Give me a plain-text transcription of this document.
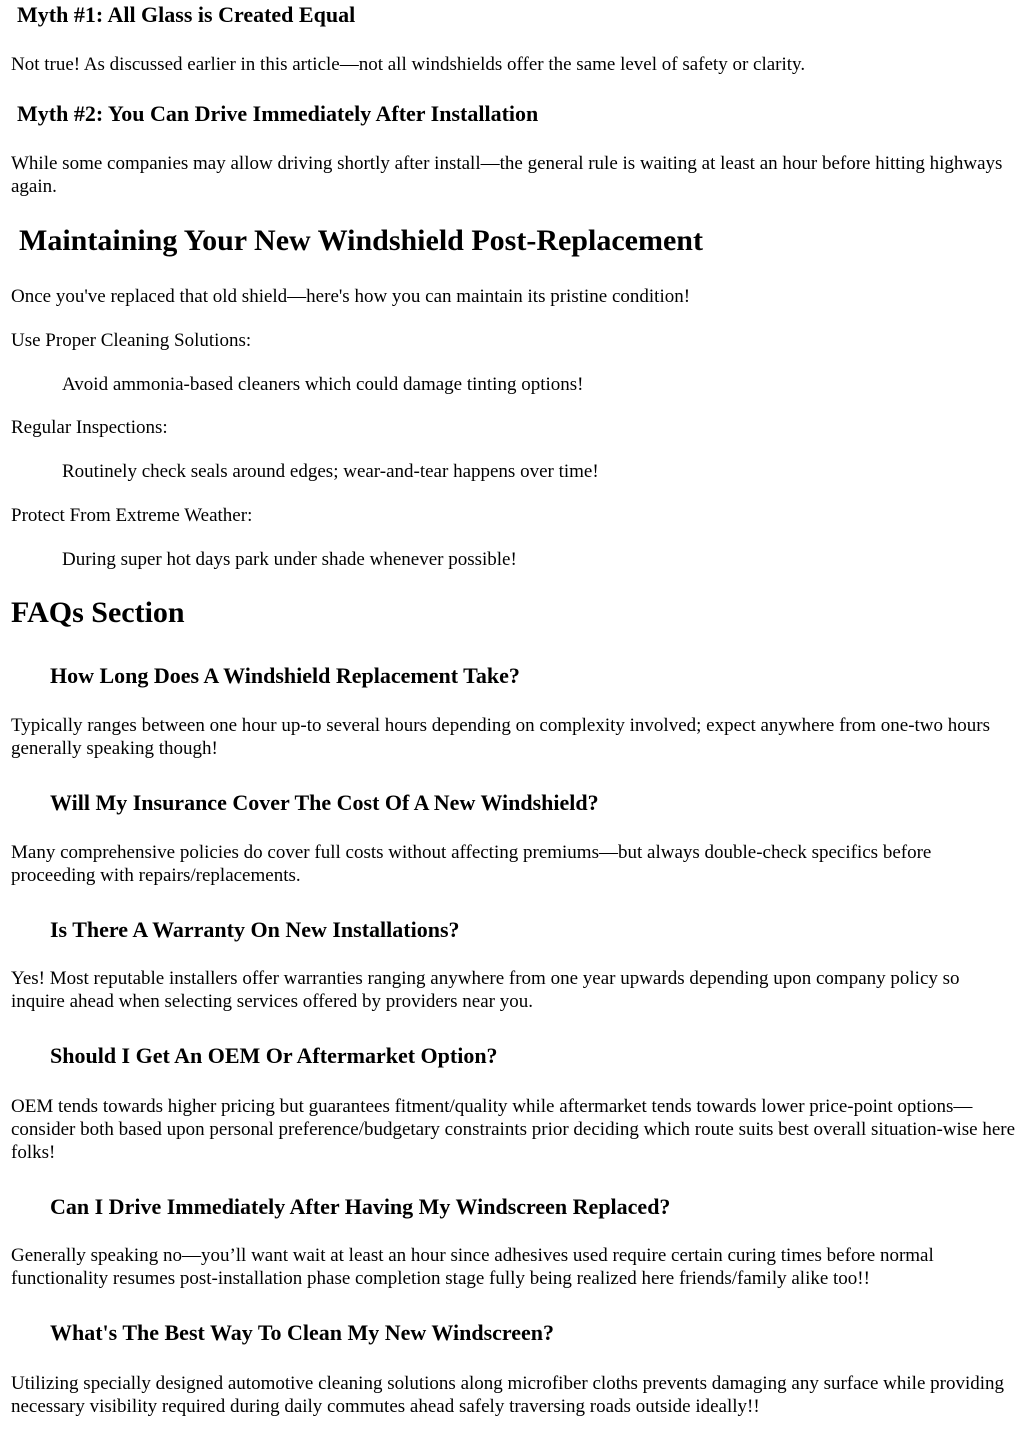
Myth #1: All Glass is Created Equal

Not true! As discussed earlier in this article—not all windshields offer the same level of safety or clarity.

Myth #2: You Can Drive Immediately After Installation

While some companies may allow driving shortly after install—the general rule is waiting at least an hour before hitting highways again.

Maintaining Your New Windshield Post-Replacement

Once you've replaced that old shield—here's how you can maintain its pristine condition!

Use Proper Cleaning Solutions:

Avoid ammonia-based cleaners which could damage tinting options!

Regular Inspections:

Routinely check seals around edges; wear-and-tear happens over time!

Protect From Extreme Weather:

During super hot days park under shade whenever possible!

FAQs Section
How Long Does A Windshield Replacement Take?

Typically ranges between one hour up-to several hours depending on complexity involved; expect anywhere from one-two hours generally speaking though!

Will My Insurance Cover The Cost Of A New Windshield?

Many comprehensive policies do cover full costs without affecting premiums—but always double-check specifics before proceeding with repairs/replacements.

Is There A Warranty On New Installations?

Yes! Most reputable installers offer warranties ranging anywhere from one year upwards depending upon company policy so inquire ahead when selecting services offered by providers near you.

Should I Get An OEM Or Aftermarket Option?

OEM tends towards higher pricing but guarantees fitment/quality while aftermarket tends towards lower price-point options—consider both based upon personal preference/budgetary constraints prior deciding which route suits best overall situation-wise here folks!

Can I Drive Immediately After Having My Windscreen Replaced?

Generally speaking no—you’ll want wait at least an hour since adhesives used require certain curing times before normal functionality resumes post-installation phase completion stage fully being realized here friends/family alike too!!

What's The Best Way To Clean My New Windscreen?

Utilizing specially designed automotive cleaning solutions along microfiber cloths prevents damaging any surface while providing necessary visibility required during daily commutes ahead safely traversing roads outside ideally!!
